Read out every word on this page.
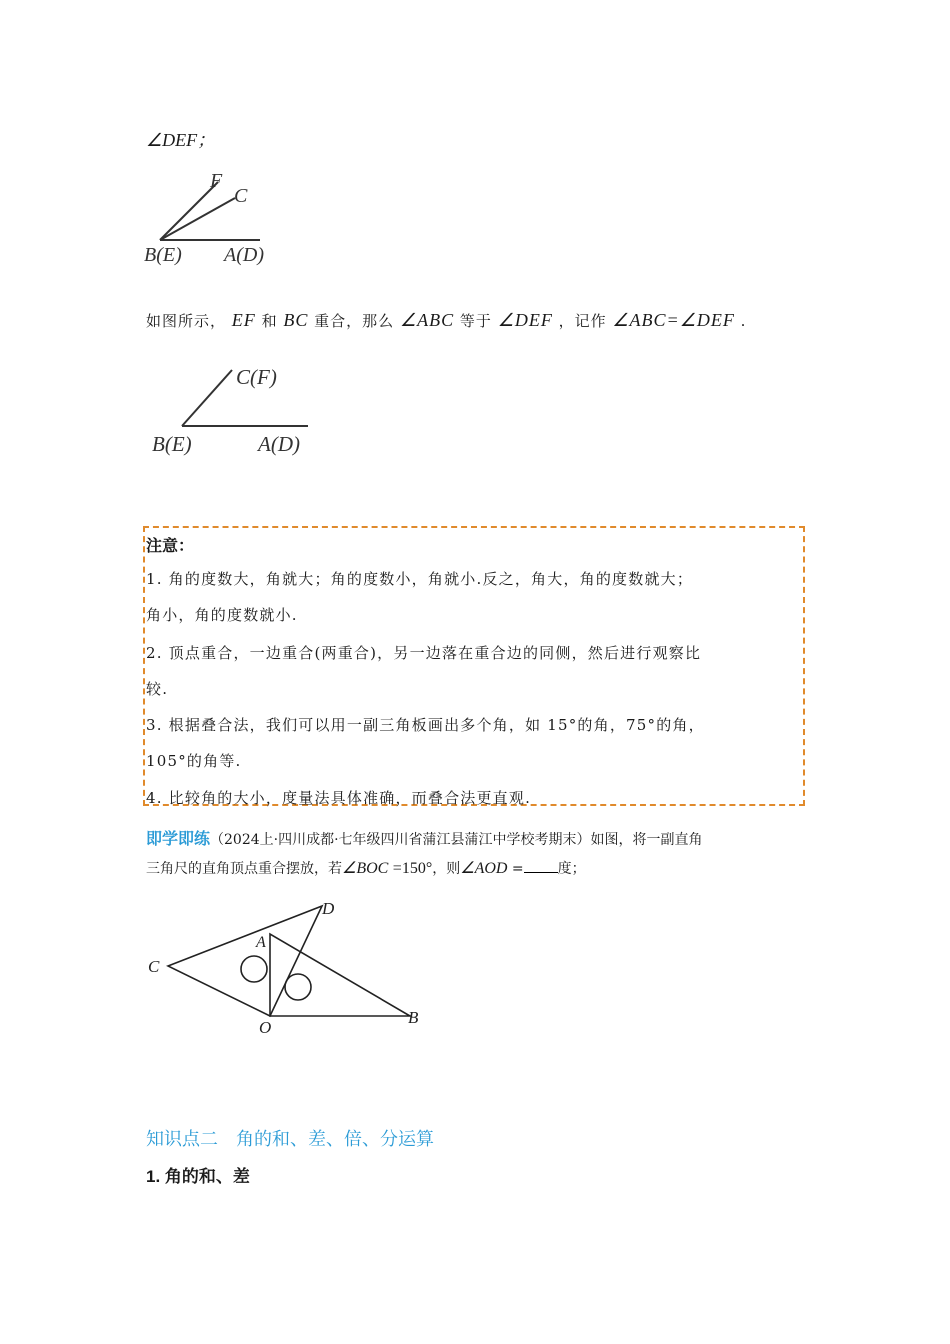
∠DEF；
F
C
B(E) A(D)
如图所示， EF 和 BC 重合，那么 ∠ABC 等于 ∠DEF ，记作 ∠ABC=∠DEF .
C(F)
B(E)	A(D)
注意：
1. 角的度数大，角就大；角的度数小，角就小.反之，角大，角的度数就大；
角小，角的度数就小.
2. 顶点重合，一边重合(两重合)，另一边落在重合边的同侧，然后进行观察比
较.
3. 根据叠合法，我们可以用一副三角板画出多个角，如 15°的角，75°的角，
105°的角等.
4. 比较角的大小，度量法具体准确，而叠合法更直观.
即学即练（2024上·四川成都·七年级四川省蒲江县蒲江中学校考期末）如图，将一副直角
三角尺的直角顶点重合摆放，若∠BOC =150°，则∠AOD = 度；
C
A
D
O
B
知识点二　角的和、差、倍、分运算
1. 角的和、差
